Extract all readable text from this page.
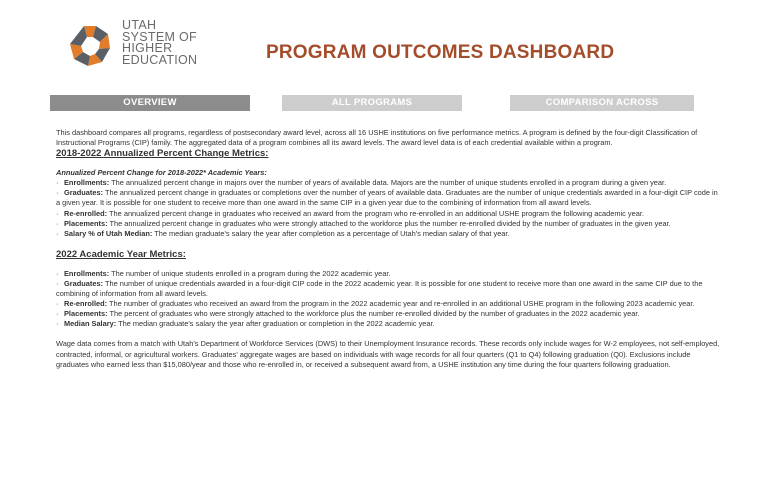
UTAH
SYSTEM OF
HIGHER
EDUCATION	PROGRAM OUTCOMES DASHBOARD
OVERVIEW	ALL PROGRAMS	COMPARISON ACROSS INSTITUTIONS

This dashboard compares all programs, regardless of postsecondary award level, across all 16 USHE institutions on five performance metrics. A program is defined by the four-digit Classification of Instructional Programs (CIP) family. The aggregated data of a program combines all its award levels. The award level data is of each credential available within a program.

2018-2022 Annualized Percent Change Metrics:

Annualized Percent Change for 2018-2022* Academic Years:

· Enrollments: The annualized percent change in majors over the number of years of available data. Majors are the number of unique students enrolled in a program during a given year.
· Graduates: The annualized percent change in graduates or completions over the number of years of available data. Graduates are the number of unique credentials awarded in a four-digit CIP code in a given year. It is possible for one student to receive more than one award in the same CIP in a given year due to the combining of information from all award levels.
· Re-enrolled: The annualized percent change in graduates who received an award from the program who re-enrolled in an additional USHE program the following academic year.
· Placements: The annualized percent change in graduates who were strongly attached to the workforce plus the number re-enrolled divided by the number of graduates in the given year.
· Salary % of Utah Median: The median graduate's salary the year after completion as a percentage of Utah's median salary of that year.
2022 Academic Year Metrics:
· Enrollments: The number of unique students enrolled in a program during the 2022 academic year.
· Graduates: The number of unique credentials awarded in a four-digit CIP code in the 2022 academic year. It is possible for one student to receive more than one award in the same CIP due to the combining of information from all award levels.
· Re-enrolled: The number of graduates who received an award from the program in the 2022 academic year and re-enrolled in an additional USHE program in the following 2023 academic year.
· Placements: The percent of graduates who were strongly attached to the workforce plus the number re-enrolled divided by the number of graduates in the 2022 academic year.
· Median Salary: The median graduate's salary the year after graduation or completion in the 2022 academic year.

Wage data comes from a match with Utah's Department of Workforce Services (DWS) to their Unemployment Insurance records. These records only include wages for W-2 employees, not self-employed, contracted, informal, or agricultural workers. Graduates' aggregate wages are based on individuals with wage records for all four quarters (Q1 to Q4) following graduation (Q0). Exclusions include graduates who earned less than $15,080/year and those who re-enrolled in, or received a subsequent award from, a USHE institution any time during the four quarters following graduation.
